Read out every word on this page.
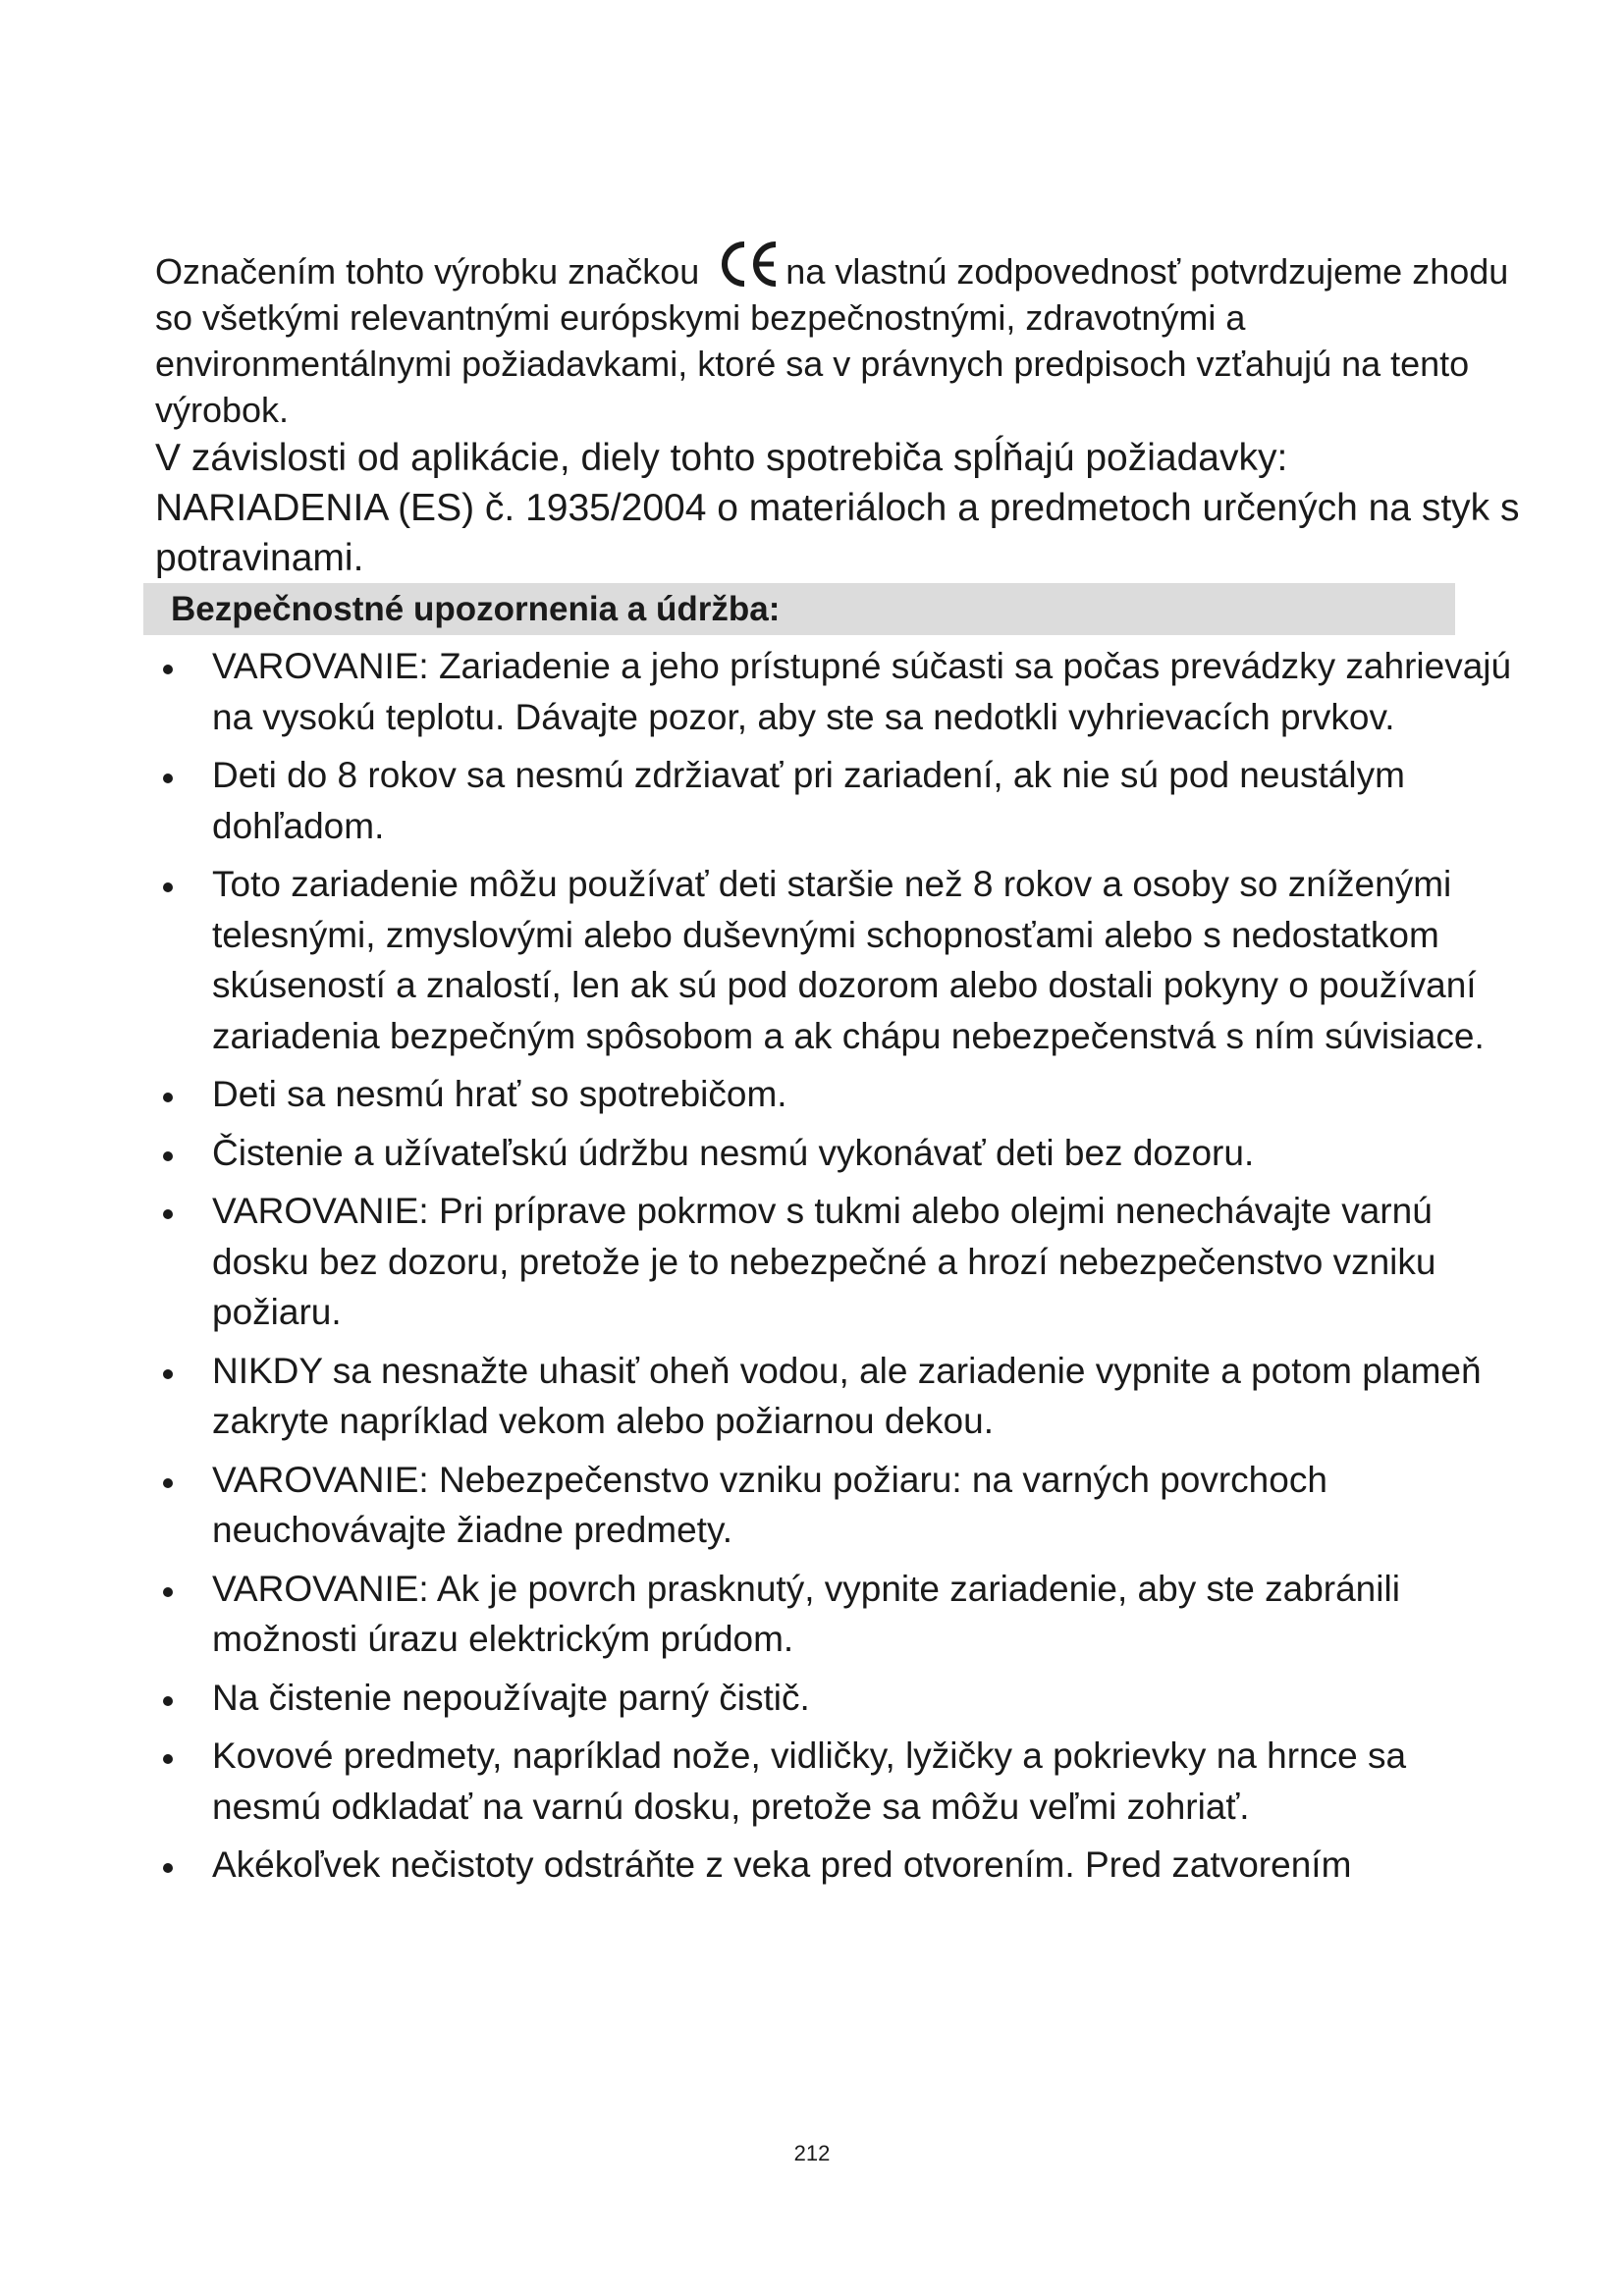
Označením tohto výrobku značkou na vlastnú zodpovednosť potvrdzujeme zhodu so všetkými relevantnými európskymi bezpečnostnými, zdravotnými a environmentálnymi požiadavkami, ktoré sa v právnych predpisoch vzťahujú na tento výrobok.

V závislosti od aplikácie, diely tohto spotrebiča spĺňajú požiadavky: NARIADENIA (ES) č. 1935/2004 o materiáloch a predmetoch určených na styk s potravinami.

Bezpečnostné upozornenia a údržba:
VAROVANIE: Zariadenie a jeho prístupné súčasti sa počas prevádzky zahrievajú na vysokú teplotu. Dávajte pozor, aby ste sa nedotkli vyhrievacích prvkov.
Deti do 8 rokov sa nesmú zdržiavať pri zariadení, ak nie sú pod neustálym dohľadom.
Toto zariadenie môžu používať deti staršie než 8 rokov a osoby so zníženými telesnými, zmyslovými alebo duševnými schopnosťami alebo s nedostatkom skúseností a znalostí, len ak sú pod dozorom alebo dostali pokyny o používaní zariadenia bezpečným spôsobom a ak chápu nebezpečenstvá s ním súvisiace.
Deti sa nesmú hrať so spotrebičom.
Čistenie a užívateľskú údržbu nesmú vykonávať deti bez dozoru.
VAROVANIE: Pri príprave pokrmov s tukmi alebo olejmi nenechávajte varnú dosku bez dozoru, pretože je to nebezpečné a hrozí nebezpečenstvo vzniku požiaru.
NIKDY sa nesnažte uhasiť oheň vodou, ale zariadenie vypnite a potom plameň zakryte napríklad vekom alebo požiarnou dekou.
VAROVANIE: Nebezpečenstvo vzniku požiaru: na varných povrchoch neuchovávajte žiadne predmety.
VAROVANIE: Ak je povrch prasknutý, vypnite zariadenie, aby ste zabránili možnosti úrazu elektrickým prúdom.
Na čistenie nepoužívajte parný čistič.
Kovové predmety, napríklad nože, vidličky, lyžičky a pokrievky na hrnce sa nesmú odkladať na varnú dosku, pretože sa môžu veľmi zohriať.
Akékoľvek nečistoty odstráňte z veka pred otvorením. Pred zatvorením
212
